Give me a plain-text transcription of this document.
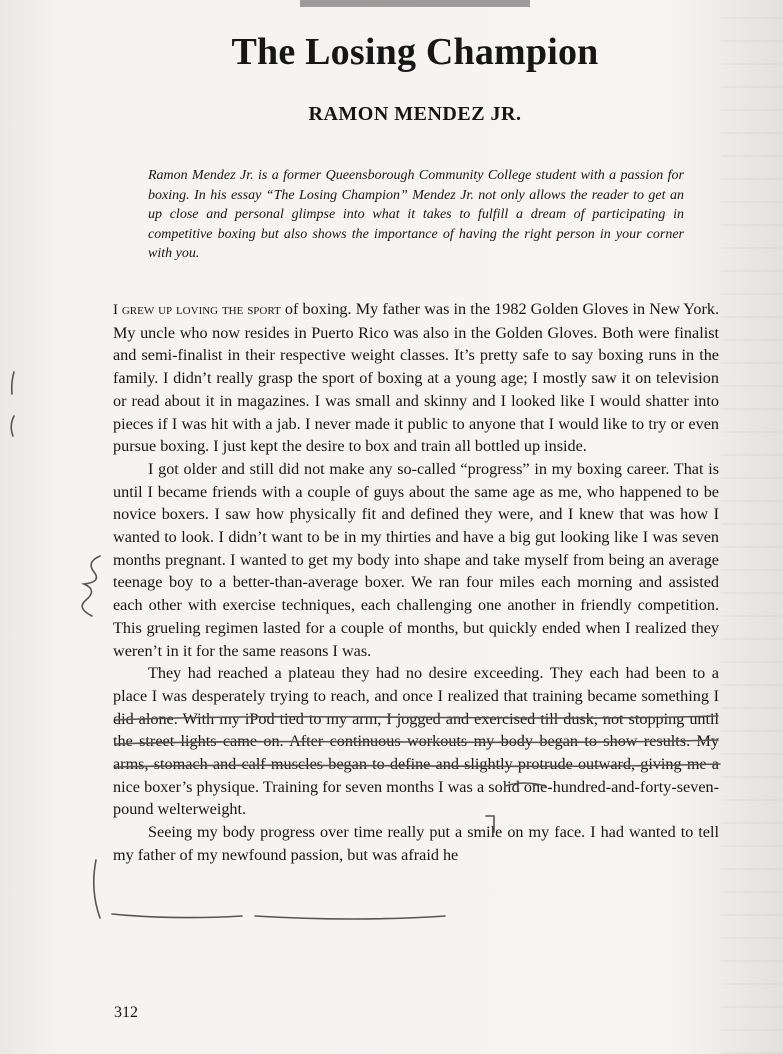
The Losing Champion
RAMON MENDEZ JR.

Ramon Mendez Jr. is a former Queensborough Community College student with a passion for boxing. In his essay “The Losing Champion” Mendez Jr. not only allows the reader to get an up close and personal glimpse into what it takes to fulfill a dream of participating in competitive boxing but also shows the importance of having the right person in your corner with you.

I grew up loving the sport of boxing. My father was in the 1982 Golden Gloves in New York. My uncle who now resides in Puerto Rico was also in the Golden Gloves. Both were finalist and semi-finalist in their respective weight classes. It’s pretty safe to say boxing runs in the family. I didn’t really grasp the sport of boxing at a young age; I mostly saw it on television or read about it in magazines. I was small and skinny and I looked like I would shatter into pieces if I was hit with a jab. I never made it public to anyone that I would like to try or even pursue boxing. I just kept the desire to box and train all bottled up inside.

I got older and still did not make any so-called “progress” in my boxing career. That is until I became friends with a couple of guys about the same age as me, who happened to be novice boxers. I saw how physically fit and defined they were, and I knew that was how I wanted to look. I didn’t want to be in my thirties and have a big gut looking like I was seven months pregnant. I wanted to get my body into shape and take myself from being an average teenage boy to a better-than-average boxer. We ran four miles each morning and assisted each other with exercise techniques, each challenging one another in friendly competition. This grueling regimen lasted for a couple of months, but quickly ended when I realized they weren’t in it for the same reasons I was.

They had reached a plateau they had no desire exceeding. They each had been to a place I was desperately trying to reach, and once I realized that training became something I did alone. With my iPod tied to my arm, I jogged and exercised till dusk, not stopping until the street lights came on. After continuous workouts my body began to show results. My arms, stomach and calf muscles began to define and slightly protrude outward, giving me a nice boxer’s physique. Training for seven months I was a solid one-hundred-and-forty-seven-pound welterweight.

Seeing my body progress over time really put a smile on my face. I had wanted to tell my father of my newfound passion, but was afraid he

312
